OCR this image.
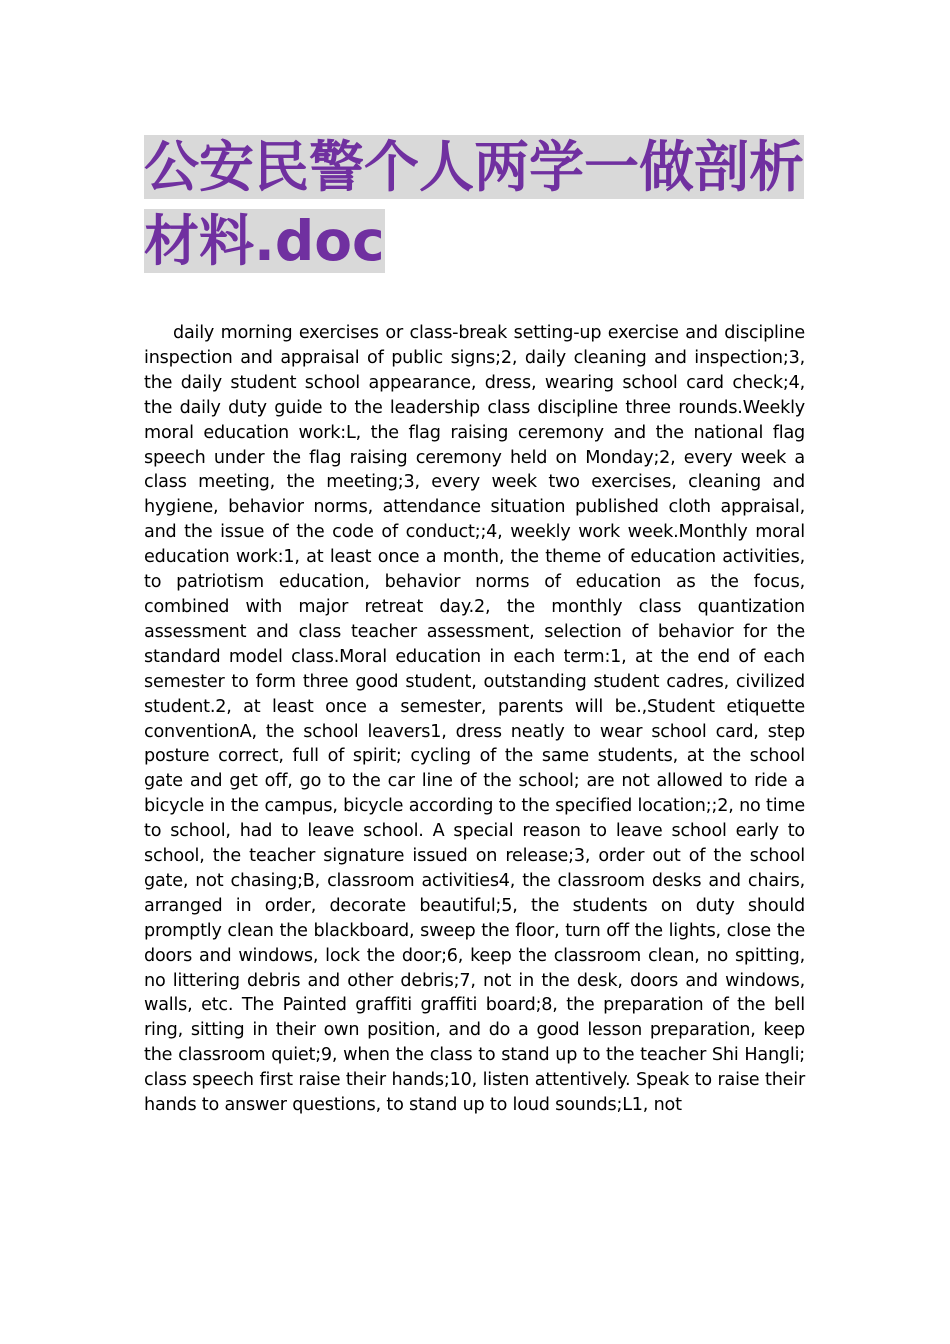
公安民警个人两学一做剖析材料.doc

daily morning exercises or class-break setting-up exercise and discipline inspection and appraisal of public signs;2, daily cleaning and inspection;3, the daily student school appearance, dress, wearing school card check;4, the daily duty guide to the leadership class discipline three rounds.Weekly moral education work:L, the flag raising ceremony and the national flag speech under the flag raising ceremony held on Monday;2, every week a class meeting, the meeting;3, every week two exercises, cleaning and hygiene, behavior norms, attendance situation published cloth appraisal, and the issue of the code of conduct;;4, weekly work week.Monthly moral education work:1, at least once a month, the theme of education activities, to patriotism education, behavior norms of education as the focus, combined with major retreat day.2, the monthly class quantization assessment and class teacher assessment, selection of behavior for the standard model class.Moral education in each term:1, at the end of each semester to form three good student, outstanding student cadres, civilized student.2, at least once a semester, parents will be.,Student etiquette conventionA, the school leavers1, dress neatly to wear school card, step posture correct, full of spirit; cycling of the same students, at the school gate and get off, go to the car line of the school; are not allowed to ride a bicycle in the campus, bicycle according to the specified location;;2, no time to school, had to leave school. A special reason to leave school early to school, the teacher signature issued on release;3, order out of the school gate, not chasing;B, classroom activities4, the classroom desks and chairs, arranged in order, decorate beautiful;5, the students on duty should promptly clean the blackboard, sweep the floor, turn off the lights, close the doors and windows, lock the door;6, keep the classroom clean, no spitting, no littering debris and other debris;7, not in the desk, doors and windows, walls, etc. The Painted graffiti graffiti board;8, the preparation of the bell ring, sitting in their own position, and do a good lesson preparation, keep the classroom quiet;9, when the class to stand up to the teacher Shi Hangli; class speech first raise their hands;10, listen attentively. Speak to raise their hands to answer questions, to stand up to loud sounds;L1, not
